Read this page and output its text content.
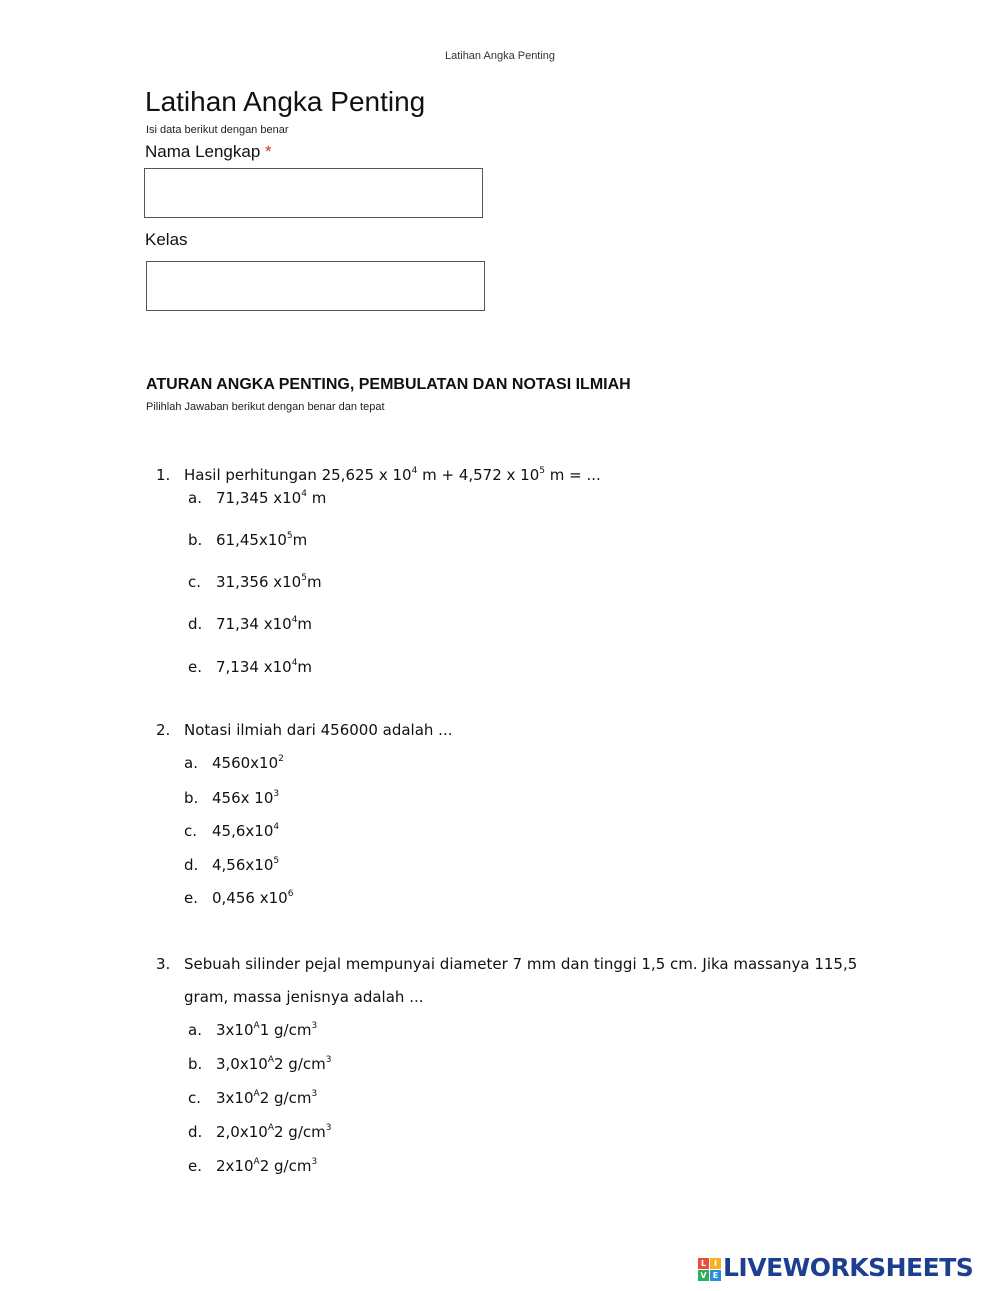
Latihan Angka Penting
Latihan Angka Penting
Isi data berikut dengan benar
Nama Lengkap *
Kelas
ATURAN ANGKA PENTING, PEMBULATAN DAN NOTASI ILMIAH
Pilihlah Jawaban berikut dengan benar dan tepat
1. Hasil perhitungan 25,625 x $10^4$ m + 4,572 x $10^5$ m = ...
a. 71,345 $x10^4$ m
b. $61,45x10^5m$
c. 31,356 $x10^5m$
d. 71,34 $x10^4m$
e. 7,134 $x10^4m$
2. Notasi ilmiah dari 456000 adalah ...
a. $4560x10^2$
b. 456x $10^3$
c. $45,6x10^4$
d. $4,56x10^5$
e. 0,456 $x10^6$
3. Sebuah silinder pejal mempunyai diameter 7 mm dan tinggi 1,5 cm. Jika massanya 115,5
gram, massa jenisnya adalah ...
a. $3x10^A1$ $g/cm^3$
b. $3,0x10^A2$ $g/cm^3$
c. $3x10^A2$ $g/cm^3$
d. $2,0x10^A2$ $g/cm^3$
e. $2x10^A2$ $g/cm^3$
L I
V E LIVEWORKSHEETS
